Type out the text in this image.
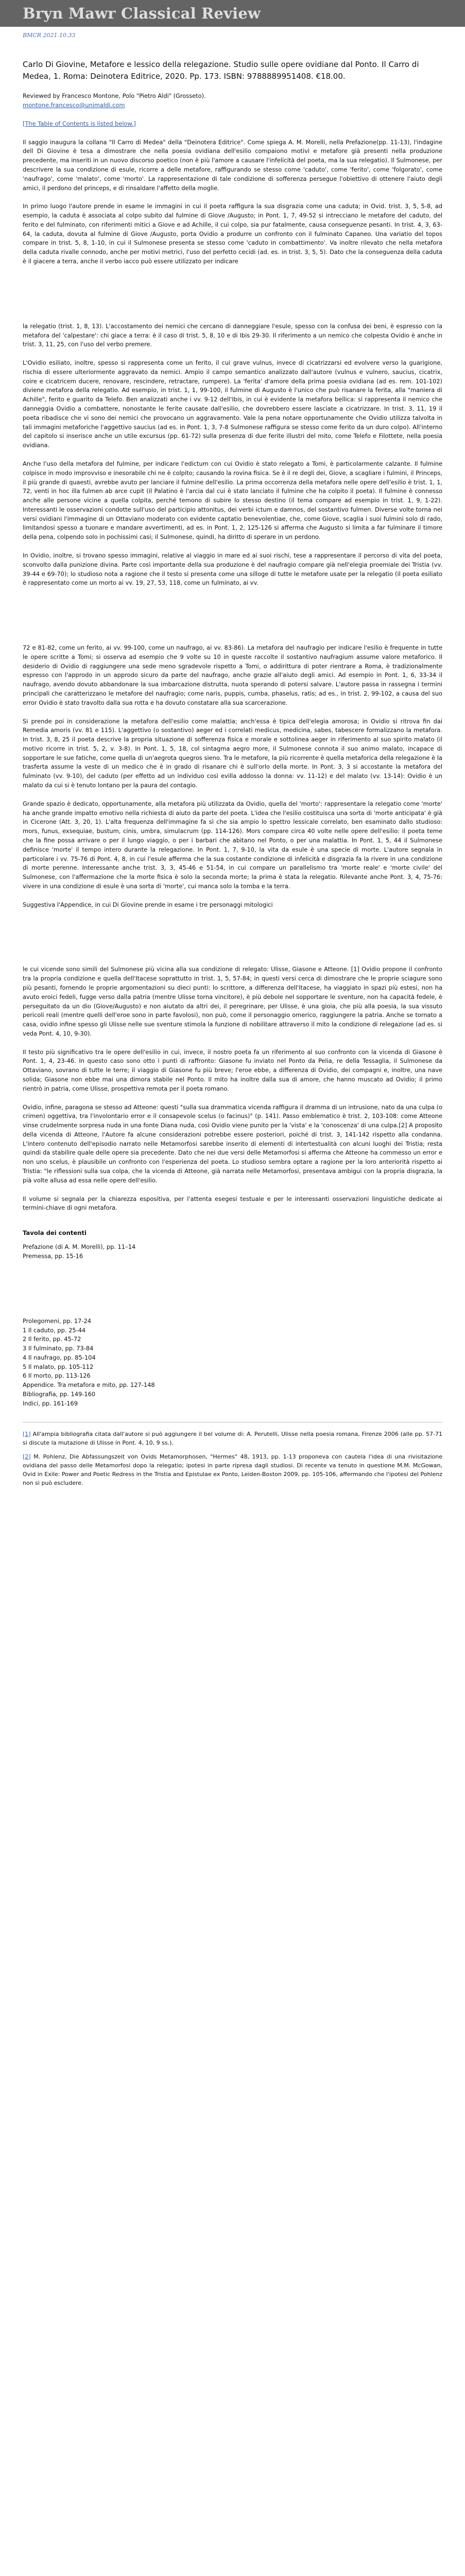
Bryn Mawr Classical Review
BMCR 2021.10.33
Carlo Di Giovine, Metafore e lessico della relegazione. Studio sulle opere ovidiane dal Ponto. Il Carro di Medea, 1. Roma: Deinotera Editrice, 2020. Pp. 173. ISBN: 9788889951408. €18.00.

Reviewed by Francesco Montone, Polo "Pietro Aldi" (Grosseto).
montone.francesco@unimaldi.com

[The Table of Contents is listed below.]

Il saggio inaugura la collana "Il Carro di Medea" della "Deinotera Editrice". Come spiega A. M. Morelli, nella Prefazione(pp. 11-13), l'indagine dell Di Giovine è tesa a dimostrare che nella poesia ovidiana dell'esilio compaiono motivi e metafore già presenti nella produzione precedente, ma inseriti in un nuovo discorso poetico (non è più l'amore a causare l'infelicità del poeta, ma la sua relegatio). Il Sulmonese, per descrivere la sua condizione di esule, ricorre a delle metafore, raffigurando se stesso come 'caduto', come 'ferito', come 'folgorato', come 'naufrago', come 'malato', come 'morto'. La rappresentazione di tale condizione di sofferenza persegue l'obiettivo di ottenere l'aiuto degli amici, il perdono del princeps, e di rinsaldare l'affetto della moglie.

In primo luogo l'autore prende in esame le immagini in cui il poeta raffigura la sua disgrazia come una caduta; in Ovid. trist. 3, 5, 5-8, ad esempio, la caduta è associata al colpo subito dal fulmine di Giove /Augusto; in Pont. 1, 7, 49-52 si intrecciano le metafore del caduto, del ferito e del fulminato, con riferimenti mitici a Giove e ad Achille, il cui colpo, sia pur fatalmente, causa conseguenze pesanti. In trist. 4, 3, 63-64, la caduta, dovuta al fulmine di Giove /Augusto, porta Ovidio a produrre un confronto con il fulminato Capaneo. Una variatio del topos compare in trist. 5, 8, 1-10, in cui il Sulmonese presenta se stesso come 'caduto in combattimento'. Va inoltre rilevato che nella metafora della caduta rivalle connodo, anche per motivi metrici, l'uso del perfetto cecidi (ad. es. in trist. 3, 5, 5). Dato che la conseguenza della caduta è il giacere a terra, anche il verbo iacco può essere utilizzato per indicare

la relegatio (trist. 1, 8, 13). L'accostamento dei nemici che cercano di danneggiare l'esule, spesso con la confusa dei beni, è espresso con la metafora del 'calpestare': chi giace a terra: è il caso di trist. 5, 8, 10 e di Ibis 29-30. Il riferimento a un nemico che colpesta Ovidio è anche in trist. 3, 11, 25, con l'uso del verbo premere.

L'Ovidio esiliato, inoltre, spesso si rappresenta come un ferito, il cui grave vulnus, invece di cicatrizzarsi ed evolvere verso la guarigione, rischia di essere ulteriormente aggravato da nemici. Ampio il campo semantico analizzato dall'autore (vulnus e vulnero, saucius, cicatrix, coire e cicatricem ducere, renovare, rescindere, retractare, rumpere). La 'ferita' d'amore della prima poesia ovidiana (ad es. rem. 101-102) diviene metafora della relegatio. Ad esempio, in trist. 1, 1, 99-100, il fulmine di Augusto è l'unico che può risanare la ferita, alla "maniera di Achille", ferito e guarito da Telefo. Ben analizzati anche i vv. 9-12 dell'Ibis, in cui è evidente la metafora bellica: si rappresenta il nemico che danneggia Ovidio a combattere, nonostante le ferite causate dall'esilio, che dovrebbero essere lasciate a cicatrizzare. In trist. 3, 11, 19 il poeta ribadisce che vi sono dei nemici che provocano un aggravamento. Vale la pena notare opportunamente che Ovidio utilizza talvolta in tali immagini metaforiche l'aggettivo saucius (ad es. in Pont. 1, 3, 7-8 Sulmonese raffigura se stesso come ferito da un duro colpo). All'interno del capitolo si inserisce anche un utile excursus (pp. 61-72) sulla presenza di due ferite illustri del mito, come Telefo e Filottete, nella poesia ovidiana.

Anche l'uso della metafora del fulmine, per indicare l'edictum con cui Ovidio è stato relegato a Tomi, è particolarmente calzante. Il fulmine colpisce in modo improvviso e inesorabile chi ne è colpito; causando la rovina fisica. Se è il re degli dei, Giove, a scagliare i fulmini, il Princeps, il più grande di quaesti, avrebbe avuto per lanciare il fulmine dell'esilio. La prima occorrenza della metafora nelle opere dell'esilio è trist. 1, 1, 72, venti in hoc illa fulmen ab arce cupit (il Palatino è l'arcia dal cui è stato lanciato il fulmine che ha colpito il poeta). Il fulmine è connesso anche alle persone vicine a quella colpita, perché temono di subire lo stesso destino (il tema compare ad esempio in trist. 1, 9, 1-22). Interessanti le osservazioni condotte sull'uso del participio attonitus, dei verbi ictum e damnos, del sostantivo fulmen. Diverse volte torna nei versi ovidiani l'immagine di un Ottaviano moderato con evidente captatio benevolentiae, che, come Giove, scaglia i suoi fulmini solo di rado, limitandosi spesso a tuonare e mandare avvertimenti, ad es. in Pont. 1, 2, 125-126 si afferma che Augusto si limita a far fulminare il timore della pena, colpendo solo in pochissimi casi; il Sulmonese, quindi, ha diritto di sperare in un perdono.

In Ovidio, inoltre, si trovano spesso immagini, relative al viaggio in mare ed ai suoi rischi, tese a rappresentare il percorso di vita del poeta, sconvolto dalla punizione divina. Parte così importante della sua produzione è del naufragio compare già nell'elegia proemiale dei Tristia (vv. 39-44 e 69-70); lo studioso nota a ragione che il testo si presenta come una silloge di tutte le metafore usate per la relegatio (il poeta esiliato è rappresentato come un morto ai vv. 19, 27, 53, 118, come un fulminato, ai vv.

72 e 81-82, come un ferito, ai vv. 99-100, come un naufrago, ai vv. 83-86). La metafora del naufragio per indicare l'esilio è frequente in tutte le opere scritte a Tomi; si osserva ad esempio che 9 volte su 10 in queste raccolte il sostantivo naufragium assume valore metaforico. Il desiderio di Ovidio di raggiungere una sede meno sgradevole rispetto a Tomi, o addirittura di poter rientrare a Roma, è tradizionalmente espresso con l'approdo in un approdo sicuro da parte del naufrago, anche grazie all'aiuto degli amici. Ad esempio in Pont. 1, 6, 33-34 il naufrago, avendo dovuto abbandonare la sua imbarcazione distrutta, nuota sperando di potersi salvare. L'autore passa in rassegna i termini principali che caratterizzano le metafore del naufragio; come naris, puppis, cumba, phaselus, ratis; ad es., in trist. 2, 99-102, a causa del suo error Ovidio è stato travolto dalla sua rotta e ha dovuto constatare alla sua scarcerazione.

Si prende poi in considerazione la metafora dell'esilio come malattia; anch'essa è tipica dell'elegia amorosa; in Ovidio si ritrova fin dai Remedia amoris (vv. 81 e 115). L'aggettivo (o sostantivo) aeger ed i correlati medicus, medicina, sabes, tabescere formalizzano la metafora. In trist. 3, 8, 25 il poeta descrive la propria situazione di sofferenza fisica e morale e sottolinea aeger in riferimento al suo spirito malato (il motivo ricorre in trist. 5, 2, v. 3-8). In Pont. 1, 5, 18, col sintagma aegro more, il Sulmonese connota il suo animo malato, incapace di sopportare le sue fatiche, come quella di un'aegrota quegros sieno. Tra le metafore, la più ricorrente è quella metaforica della relegazione è la trasferta assume la veste di un medico che è in grado di risanare chi è sull'orlo della morte. In Pont. 3, 3 si accostante la metafora del fulminato (vv. 9-10), del caduto (per effetto ad un individuo così evilla addosso la donna: vv. 11-12) e del malato (vv. 13-14): Ovidio è un malato da cui si è tenuto lontano per la paura del contagio.

Grande spazio è dedicato, opportunamente, alla metafora più utilizzata da Ovidio, quella del 'morto': rappresentare la relegatio come 'morte' ha anche grande impatto emotivo nella richiesta di aiuto da parte del poeta. L'idea che l'esilio costituisca una sorta di 'morte anticipata' è già in Cicerone (Att. 3, 20, 1). L'alta frequenza dell'immagine fa sì che sia ampio lo spettro lessicale correlato, ben esaminato dallo studioso: mors, funus, exsequiae, bustum, cinis, umbra, simulacrum (pp. 114-126). Mors compare circa 40 volte nelle opere dell'esilio: il poeta teme che la fine possa arrivare o per il lungo viaggio, o per i barbari che abitano nel Ponto, o per una malattia. In Pont. 1, 5, 44 il Sulmonese definisce 'morte' il tempo intero durante la relegazione. In Pont. 1, 7, 9-10, la vita da esule è una specie di morte. L'autore segnala in particolare i vv. 75-76 di Pont. 4, 8, in cui l'esule afferma che la sua costante condizione di infelicità e disgrazia fa la rivere in una condizione di morte perenne. Interessante anche trist. 3, 3, 45-46 e 51-54, in cui compare un parallelismo tra 'morte reale' e 'morte civile' del Sulmonese, con l'affermazione che la morte fisica è solo la seconda morte; la prima è stata la relegatio. Rilevante anche Pont. 3, 4, 75-76: vivere in una condizione di esule è una sorta di 'morte', cui manca solo la tomba e la terra.

Suggestiva l'Appendice, in cui Di Giovine prende in esame i tre personaggi mitologici

le cui vicende sono simili del Sulmonese più vicina alla sua condizione di relegato: Ulisse, Giasone e Atteone. [1] Ovidio propone il confronto tra la propria condizione e quella dell'Itacese soprattutto in trist. 1, 5, 57-84; in questi versi cerca di dimostrare che le proprie sciagure sono più pesanti, fornendo le proprie argomentazioni su dieci punti: lo scrittore, a differenza dell'Itacese, ha viaggiato in spazi più estesi, non ha avuto eroici fedeli, fugge verso dalla patria (mentre Ulisse torna vincitore), è più debole nel sopportare le sventure, non ha capacità fedele, è perseguitato da un dio (Giove/Augusto) e non aiutato da altri dei, il peregrinare, per Ulisse, è una gioia, che più alla poesia, la sua vissuto pericoli reali (mentre quelli dell'eroe sono in parte favolosi), non può, come il personaggio omerico, raggiungere la patria. Anche se tornato a casa, ovidio infine spesso gli Ulisse nelle sue sventure stimola la funzione di nobilitare attraverso il mito la condizione di relegazione (ad es. si veda Pont. 4, 10, 9-30).

Il testo più significativo tra le opere dell'esilio in cui, invece, il nostro poeta fa un riferimento al suo confronto con la vicenda di Giasone è Pont. 1, 4, 23-46. In questo caso sono otto i punti di raffronto: Giasone fu inviato nel Ponto da Pelia, re della Tessaglia, il Sulmonese da Ottaviano, sovrano di tutte le terre; il viaggio di Giasone fu più breve; l'eroe ebbe, a differenza di Ovidio, dei compagni e, inoltre, una nave solida; Giasone non ebbe mai una dimora stabile nel Ponto. Il mito ha inoltre dalla sua di amore, che hanno muscato ad Ovidio; il primo rientrò in patria, come Ulisse, prospettiva remota per il poeta romano.

Ovidio, infine, paragona se stesso ad Atteone: questi "sulla sua drammatica vicenda raffigura il dramma di un intrusione, nato da una culpa (o crimen) oggettiva, tra l'involontario error e il consapevole scelus (o facinus)" (p. 141). Passo emblematico è trist. 2, 103-108: come Atteone vinse crudelmente sorpresa nuda in una fonte Diana nuda, così Ovidio viene punito per la 'vista' e la 'conoscenza' di una culpa.[2] A proposito della vicenda di Atteone, l'Autore fa alcune considerazioni potrebbe essere posteriori, poiché di trist. 3, 141-142 rispetto alla condanna. L'intero contenuto dell'episodio narrato nelle Metamorfosi sarebbe inserito di elementi di intertestualità con alcuni luoghi dei Tristia; resta quindi da stabilire quale delle opere sia precedente. Dato che nei due versi delle Metamorfosi si afferma che Atteone ha commesso un error e non uno scelus, è plausibile un confronto con l'esperienza del poeta. Lo studioso sembra optare a ragione per la loro anteriorità rispetto ai Tristia: "le riflessioni sulla sua colpa, che la vicenda di Atteone, già narrata nelle Metamorfosi, presentava ambigui con la propria disgrazia, la pià volte allusa ad essa nelle opere dell'esilio.

Il volume si segnala per la chiarezza espositiva, per l'attenta esegesi testuale e per le interessanti osservazioni linguistiche dedicate ai termini-chiave di ogni metafora.

Tavola dei contenti
Prefazione (di A. M. Morelli), pp. 11–14
Premessa, pp. 15-16
Prolegomeni, pp. 17-24
1 Il caduto, pp. 25-44
2 Il ferito, pp. 45-72
3 Il fulminato, pp. 73-84
4 Il naufrago, pp. 85-104
5 Il malato, pp. 105-112
6 Il morto, pp. 113-126
Appendice. Tra metafora e mito, pp. 127-148
Bibliografia, pp. 149-160
Indici, pp. 161-169

[1] All'ampia bibliografia citata dall'autore si può aggiungere il bel volume di: A. Perutelli, Ulisse nella poesia romana, Firenze 2006 (alle pp. 57-71 si discute la mutazione di Ulisse in Pont. 4, 10, 9 ss.).

[2] M. Pohlenz, Die Abfassungszeit von Ovids Metamorphosen, "Hermes" 48, 1913, pp. 1-13 proponeva con cautela l'idea di una rivisitazione ovidiana del passo delle Metamorfosi dopo la relegatio; ipotesi in parte ripresa dagli studiosi. Di recente va tenuto in questione M.M. McGowan, Ovid in Exile: Power and Poetic Redress in the Tristia and Epistulae ex Ponto, Leiden-Boston 2009, pp. 105-106, affermando che l'ipotesi del Pohlenz non si può escludere.
